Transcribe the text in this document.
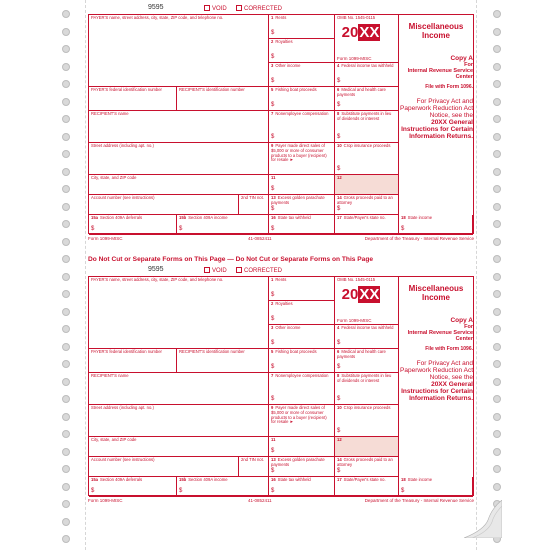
9595	VOID	CORRECTED
PAYER'S name, street address, city, state, ZIP code, and telephone no.	1 Rents
$
2 Royalties
$
3 Other income
$
OMB No. 1545-0115
20XX
Form 1099-MISC
4 Federal income tax withheld
$
Miscellaneous Income
Copy A
For
Internal Revenue Service Center
File with Form 1096.
For Privacy Act and Paperwork Reduction Act Notice, see the
20XX General Instructions for Certain Information Returns.
PAYER'S federal identification number	RECIPIENT'S identification number	5 Fishing boat proceeds
$
6 Medical and health care payments
$
RECIPIENT'S name	7 Nonemployee compensation
$
8 Substitute payments in lieu of dividends or interest
$
Street address (including apt. no.)	9 Payer made direct sales of $5,000 or more of consumer products to a buyer (recipient) for resale ►
10 Crop insurance proceeds
$
City, state, and ZIP code	11
$
12
Account number (see instructions)	2nd TIN not.	13 Excess golden parachute payments
$
14 Gross proceeds paid to an attorney
$
15a Section 409A deferrals
$
15b Section 409A income
$
16 State tax withheld
$
17 State/Payer's state no.	18 State income
$
Form 1099-MISC	41-0852411	Department of the Treasury - Internal Revenue Service
Do Not Cut or Separate Forms on This Page — Do Not Cut or Separate Forms on This Page
9595	VOID	CORRECTED
PAYER'S name, street address, city, state, ZIP code, and telephone no.	1 Rents
$
2 Royalties
$
3 Other income
$
OMB No. 1545-0115
20XX
Form 1099-MISC
4 Federal income tax withheld
$
Miscellaneous Income
Copy A
For
Internal Revenue Service Center
File with Form 1096.
For Privacy Act and Paperwork Reduction Act Notice, see the
20XX General Instructions for Certain Information Returns.
PAYER'S federal identification number	RECIPIENT'S identification number	5 Fishing boat proceeds
$
6 Medical and health care payments
$
RECIPIENT'S name	7 Nonemployee compensation
$
8 Substitute payments in lieu of dividends or interest
$
Street address (including apt. no.)	9 Payer made direct sales of $5,000 or more of consumer products to a buyer (recipient) for resale ►
10 Crop insurance proceeds
$
City, state, and ZIP code	11
$
12
Account number (see instructions)	2nd TIN not.	13 Excess golden parachute payments
$
14 Gross proceeds paid to an attorney
$
15a Section 409A deferrals
$
15b Section 409A income
$
16 State tax withheld
$
17 State/Payer's state no.	18 State income
$
Form 1099-MISC	41-0852411	Department of the Treasury - Internal Revenue Service
